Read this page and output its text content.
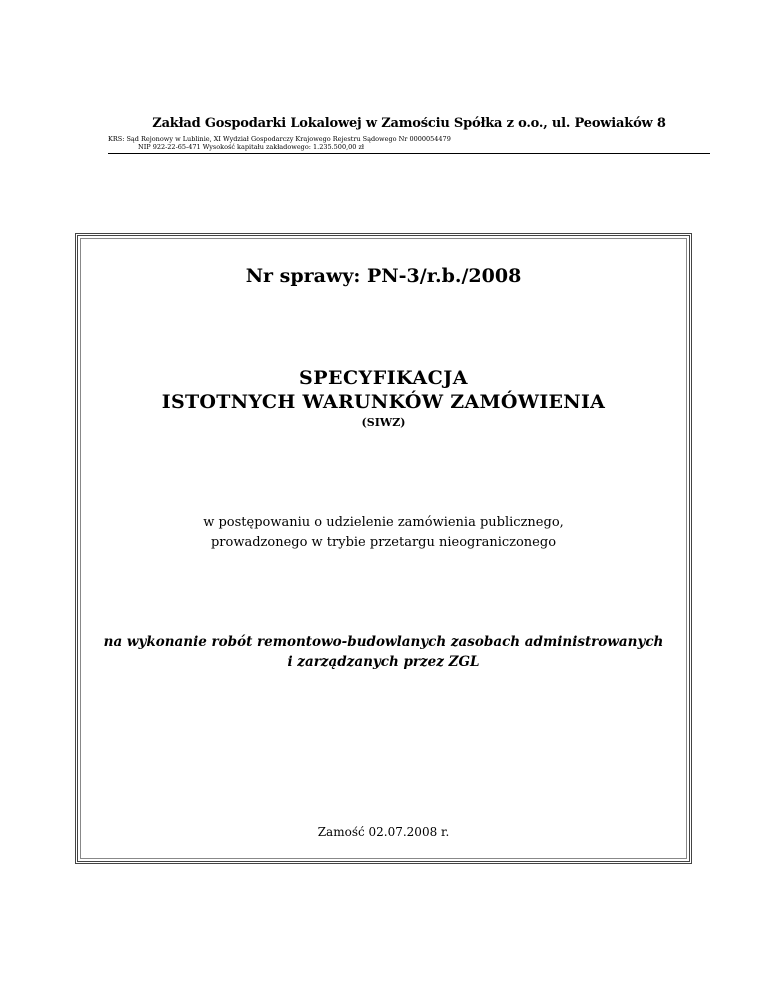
Zakład Gospodarki Lokalowej w Zamościu Spółka z o.o., ul. Peowiaków 8
KRS: Sąd Rejonowy w Lublinie, XI Wydział Gospodarczy Krajowego Rejestru Sądowego Nr 0000054479
NIP 922-22-65-471 Wysokość kapitału zakładowego: 1.235.500,00 zł
Nr sprawy: PN-3/r.b./2008
SPECYFIKACJA
ISTOTNYCH WARUNKÓW ZAMÓWIENIA
(SIWZ)
w postępowaniu o udzielenie zamówienia publicznego,
prowadzonego w trybie przetargu nieograniczonego
na wykonanie robót remontowo-budowlanych zasobach administrowanych
i zarządzanych przez ZGL
Zamość 02.07.2008 r.
